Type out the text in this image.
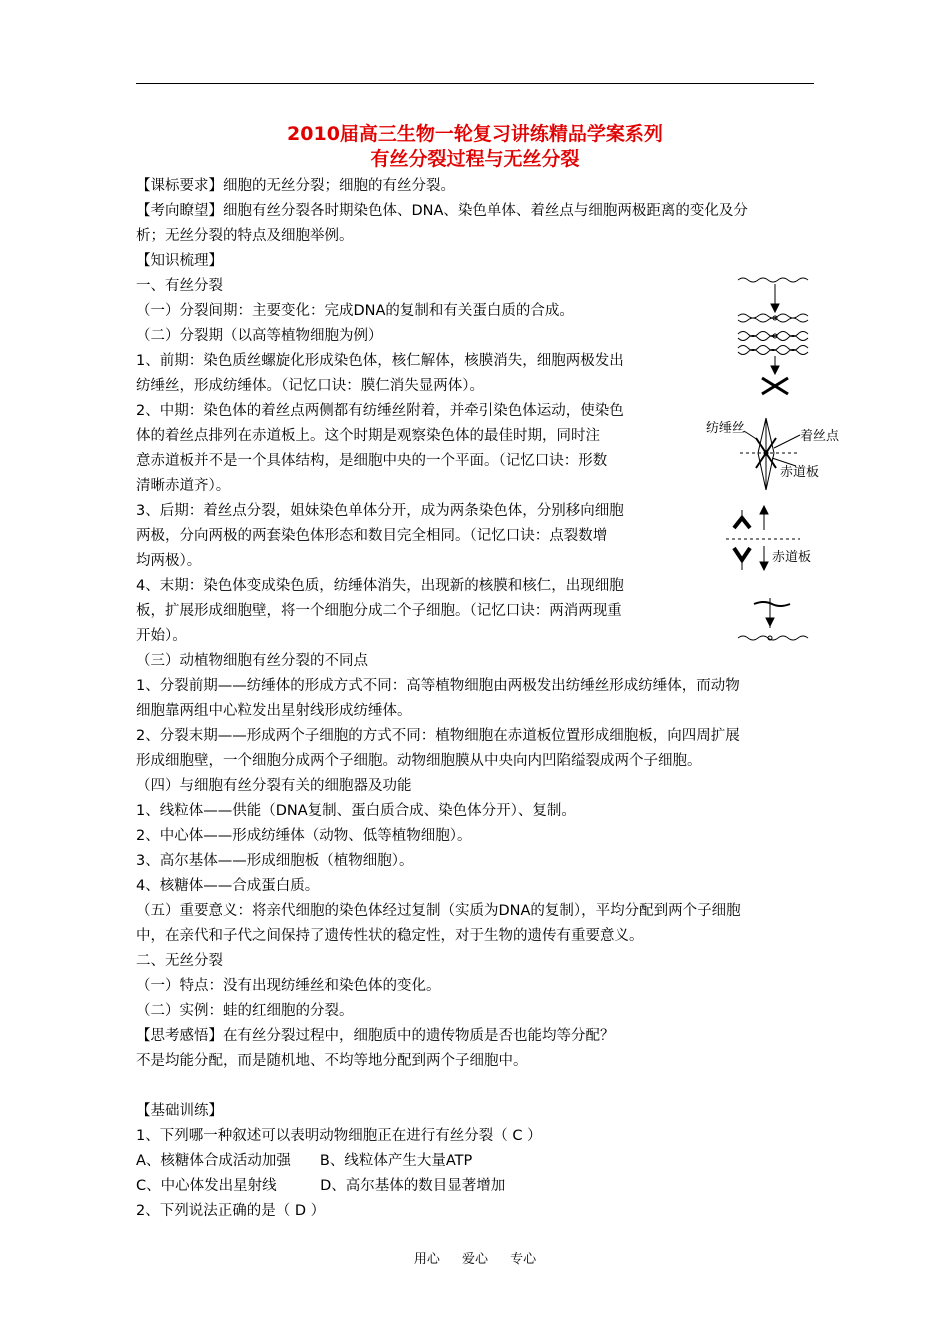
2010届高三生物一轮复习讲练精品学案系列
有丝分裂过程与无丝分裂
【课标要求】细胞的无丝分裂；细胞的有丝分裂。
【考向瞭望】细胞有丝分裂各时期染色体、DNA、染色单体、着丝点与细胞两极距离的变化及分
析；无丝分裂的特点及细胞举例。
【知识梳理】
一、有丝分裂
（一）分裂间期：主要变化：完成DNA的复制和有关蛋白质的合成。
（二）分裂期（以高等植物细胞为例）
1、前期：染色质丝螺旋化形成染色体，核仁解体，核膜消失，细胞两极发出
纺缍丝，形成纺缍体。（记忆口诀：膜仁消失显两体）。
2、中期：染色体的着丝点两侧都有纺缍丝附着，并牵引染色体运动，使染色
体的着丝点排列在赤道板上。这个时期是观察染色体的最佳时期，同时注
意赤道板并不是一个具体结构，是细胞中央的一个平面。（记忆口诀：形数
清晰赤道齐）。
3、后期：着丝点分裂，姐妹染色单体分开，成为两条染色体，分别移向细胞
两极，分向两极的两套染色体形态和数目完全相同。（记忆口诀：点裂数增
均两极）。
4、末期：染色体变成染色质，纺缍体消失，出现新的核膜和核仁，出现细胞
板，扩展形成细胞壁，将一个细胞分成二个子细胞。（记忆口诀：两消两现重
开始）。
（三）动植物细胞有丝分裂的不同点
1、分裂前期——纺缍体的形成方式不同：高等植物细胞由两极发出纺缍丝形成纺缍体，而动物
细胞靠两组中心粒发出星射线形成纺缍体。
2、分裂末期——形成两个子细胞的方式不同：植物细胞在赤道板位置形成细胞板，向四周扩展
形成细胞壁，一个细胞分成两个子细胞。动物细胞膜从中央向内凹陷缢裂成两个子细胞。
（四）与细胞有丝分裂有关的细胞器及功能
1、线粒体——供能（DNA复制、蛋白质合成、染色体分开）、复制。
2、中心体——形成纺缍体（动物、低等植物细胞）。
3、高尔基体——形成细胞板（植物细胞）。
4、核糖体——合成蛋白质。
（五）重要意义：将亲代细胞的染色体经过复制（实质为DNA的复制），平均分配到两个子细胞
中，在亲代和子代之间保持了遗传性状的稳定性，对于生物的遗传有重要意义。
二、无丝分裂
（一）特点：没有出现纺缍丝和染色体的变化。
（二）实例：蛙的红细胞的分裂。
【思考感悟】在有丝分裂过程中，细胞质中的遗传物质是否也能均等分配？
不是均能分配，而是随机地、不均等地分配到两个子细胞中。
【基础训练】
1、下列哪一种叙述可以表明动物细胞正在进行有丝分裂（ C ）
A、核糖体合成活动加强　　B、线粒体产生大量ATP
C、中心体发出星射线　　　D、高尔基体的数目显著增加
2、下列说法正确的是（ D ）
纺缍丝
着丝点
赤道板
赤道板
用心 爱心 专心
